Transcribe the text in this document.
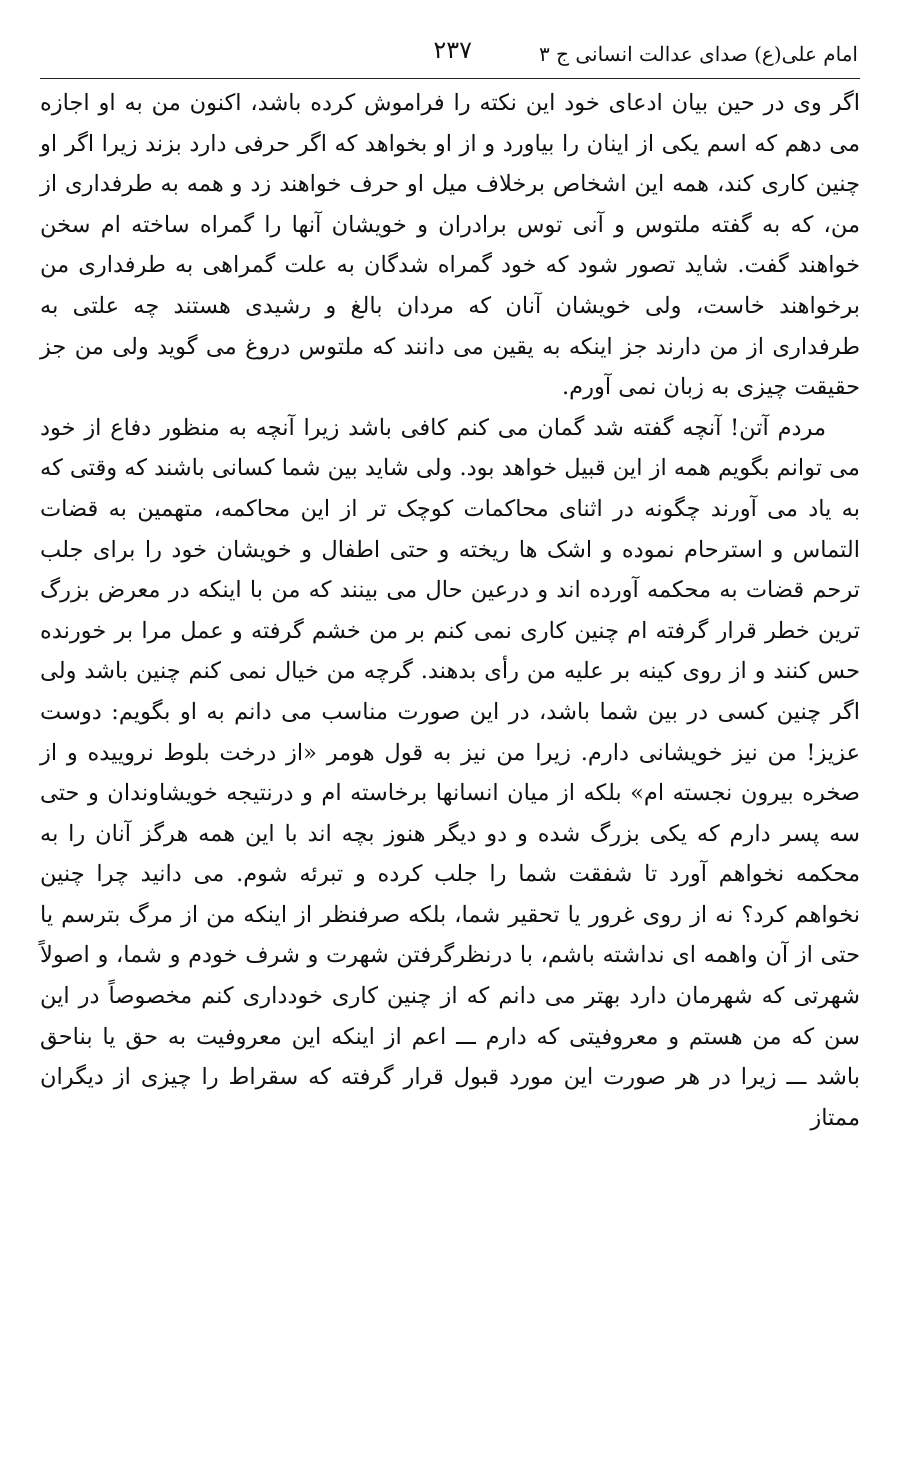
امام علی(ع) صدای عدالت انسانی ج ٣
٢٣٧

اگر وی در حین بیان ادعای خود این نکته را فراموش کرده باشد، اکنون من به او اجازه می دهم که اسم یکی از اینان را بیاورد و از او بخواهد که اگر حرفی دارد بزند زیرا اگر او چنین کاری کند، همه این اشخاص برخلاف میل او حرف خواهند زد و همه به طرفداری از من، که به گفته ملتوس و آنی توس برادران و خویشان آنها را گمراه ساخته ام سخن خواهند گفت. شاید تصور شود که خود گمراه شدگان به علت گمراهی به طرفداری من برخواهند خاست، ولی خویشان آنان که مردان بالغ و رشیدی هستند چه علتی به طرفداری از من دارند جز اینکه به یقین می دانند که ملتوس دروغ می گوید ولی من جز حقیقت چیزی به زبان نمی آورم.

مردم آتن! آنچه گفته شد گمان می کنم کافی باشد زیرا آنچه به منظور دفاع از خود می توانم بگویم همه از این قبیل خواهد بود. ولی شاید بین شما کسانی باشند که وقتی که به یاد می آورند چگونه در اثنای محاکمات کوچک تر از این محاکمه، متهمین به قضات التماس و استرحام نموده و اشک ها ریخته و حتی اطفال و خویشان خود را برای جلب ترحم قضات به محکمه آورده اند و درعین حال می بینند که من با اینکه در معرض بزرگ ترین خطر قرار گرفته ام چنین کاری نمی کنم بر من خشم گرفته و عمل مرا بر خورنده حس کنند و از روی کینه بر علیه من رأی بدهند. گرچه من خیال نمی کنم چنین باشد ولی اگر چنین کسی در بین شما باشد، در این صورت مناسب می دانم به او بگویم: دوست عزیز! من نیز خویشانی دارم. زیرا من نیز به قول هومر «از درخت بلوط نروییده و از صخره بیرون نجسته ام» بلکه از میان انسانها برخاسته ام و درنتیجه خویشاوندان و حتی سه پسر دارم که یکی بزرگ شده و دو دیگر هنوز بچه اند با این همه هرگز آنان را به محکمه نخواهم آورد تا شفقت شما را جلب کرده و تبرئه شوم. می دانید چرا چنین نخواهم کرد؟ نه از روی غرور یا تحقیر شما، بلکه صرفنظر از اینکه من از مرگ بترسم یا حتی از آن واهمه ای نداشته باشم، با درنظرگرفتن شهرت و شرف خودم و شما، و اصولاً شهرتی که شهرمان دارد بهتر می دانم که از چنین کاری خودداری کنم مخصوصاً در این سن که من هستم و معروفیتی که دارم ـــ اعم از اینکه این معروفیت به حق یا بناحق باشد ـــ زیرا در هر صورت این مورد قبول قرار گرفته که سقراط را چیزی از دیگران ممتاز
